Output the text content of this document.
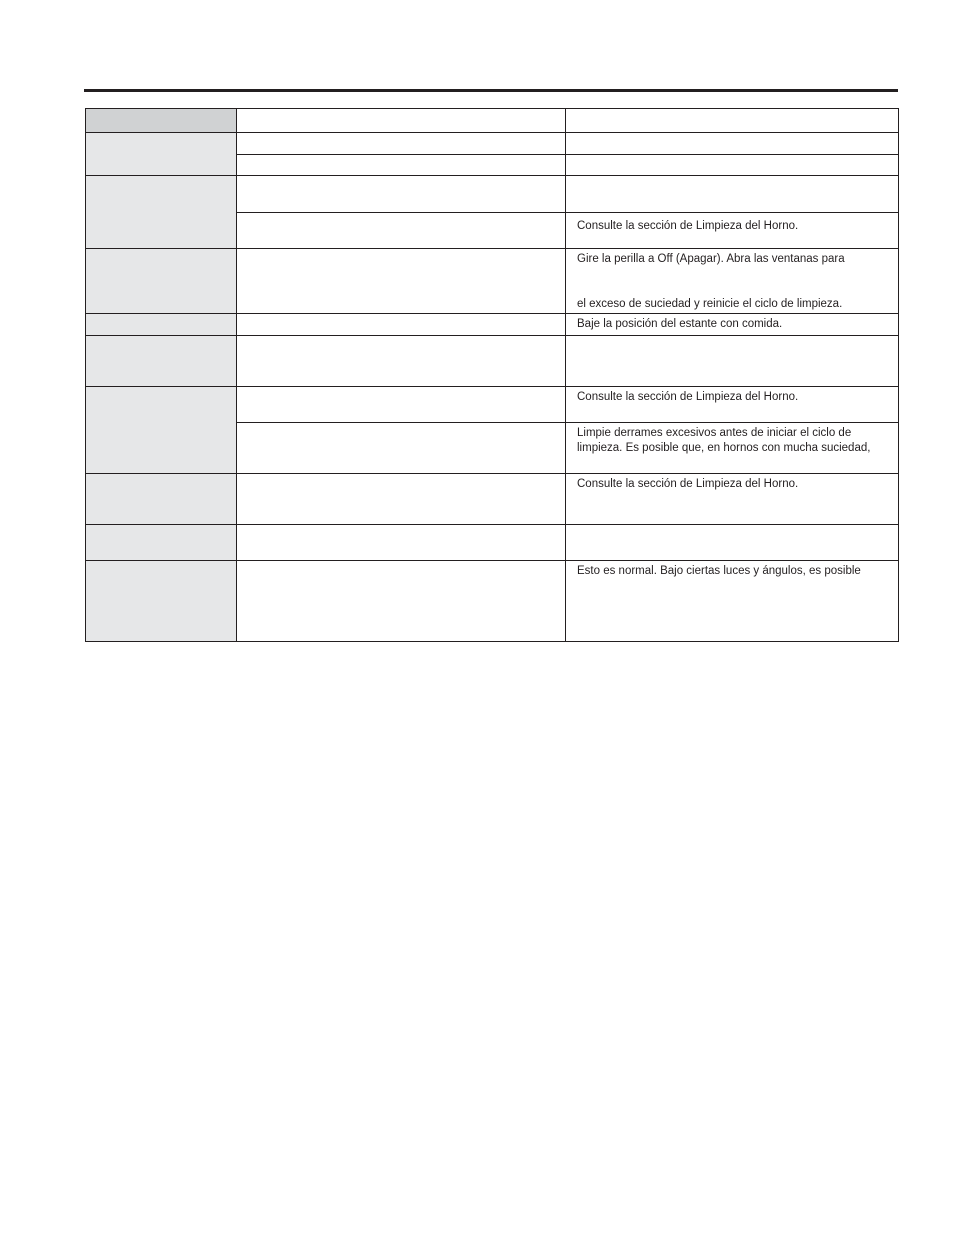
		Consulte la sección de Limpieza del Horno.

		Gire la perilla a Off (Apagar). Abra las ventanas para

el exceso de suciedad y reinicie el ciclo de limpieza.

		Baje la posición del estante con comida.

		Consulte la sección de Limpieza del Horno.

		Limpie derrames excesivos antes de iniciar el ciclo de
limpieza. Es posible que, en hornos con mucha suciedad,

		Consulte la sección de Limpieza del Horno.

		Esto es normal. Bajo ciertas luces y ángulos, es posible
